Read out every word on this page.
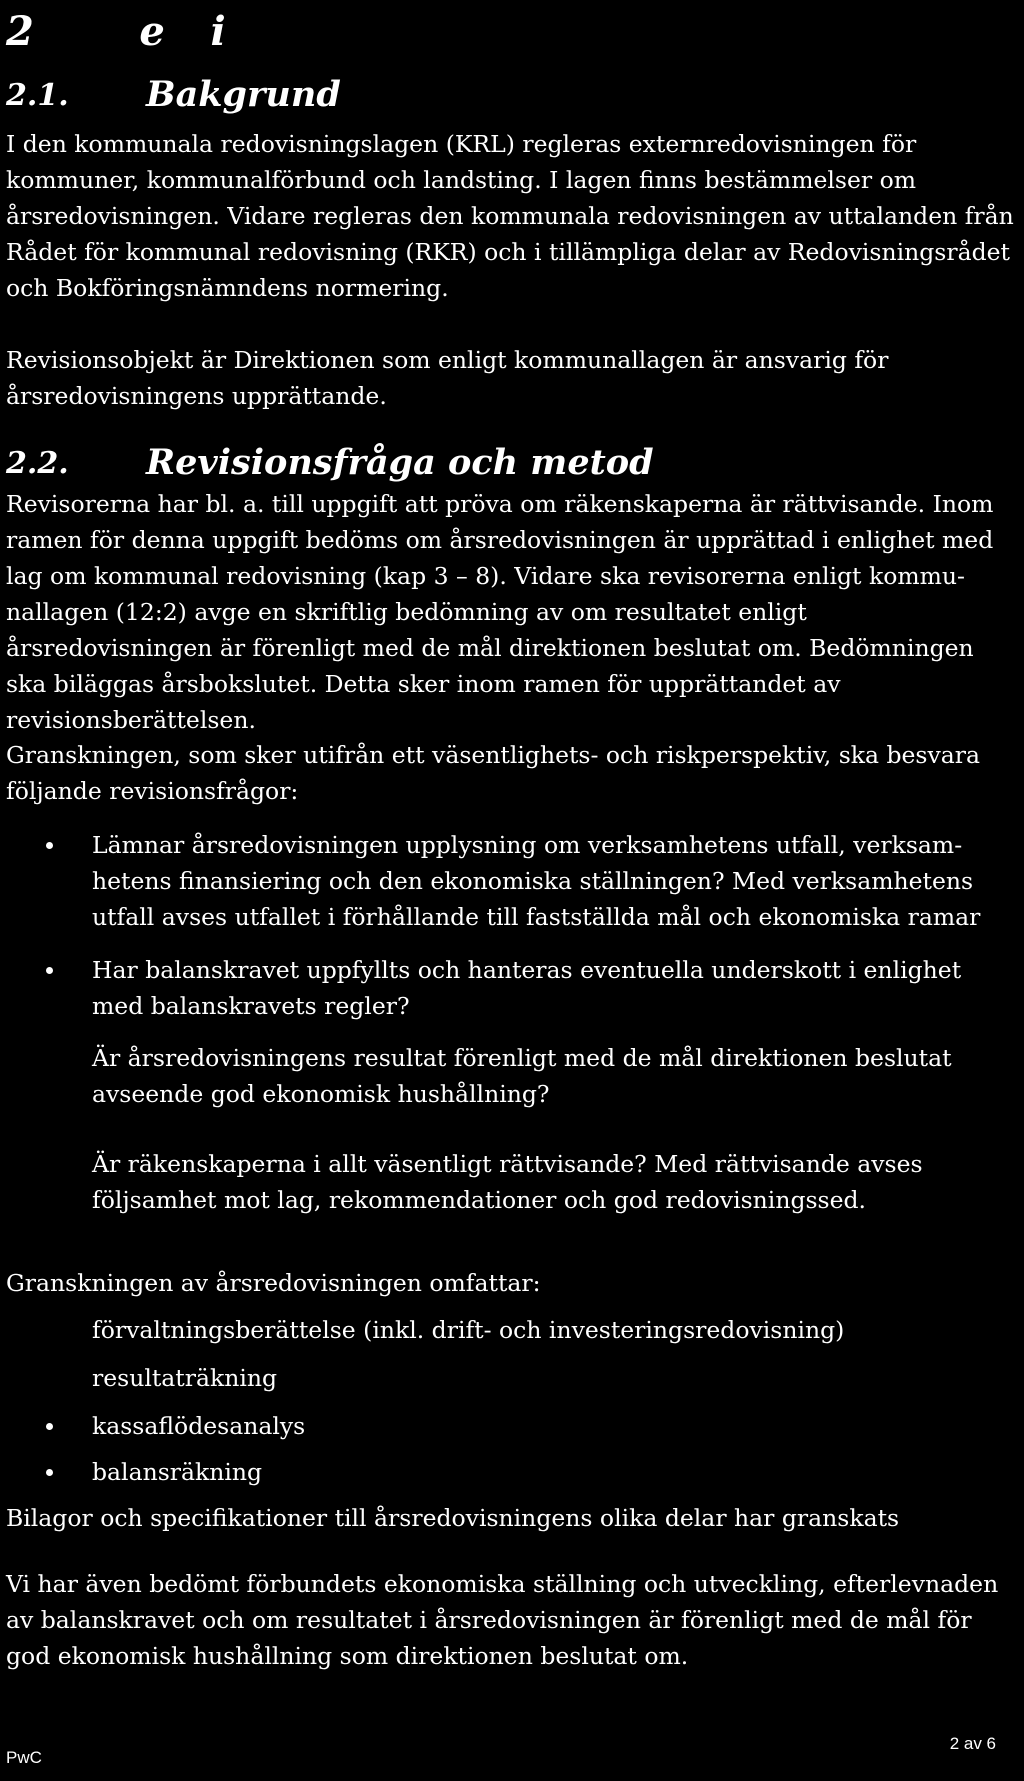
2       e   i
2.1. Bakgrund

I den kommunala redovisningslagen (KRL) regleras externredovisningen för kommuner, kommunalförbund och landsting. I lagen finns bestämmelser om årsredovisningen. Vidare regleras den kommunala redovisningen av uttalanden från Rådet för kommunal redovisning (RKR) och i tillämpliga delar av Redovisningsrådet och Bokföringsnämndens normering.

Revisionsobjekt är Direktionen som enligt kommunallagen är ansvarig för årsredovisningens upprättande.

2.2. Revisionsfråga och metod

Revisorerna har bl. a. till uppgift att pröva om räkenskaperna är rättvisande. Inom ramen för denna uppgift bedöms om årsredovisningen är upprättad i enlighet med lag om kommunal redovisning (kap 3 – 8). Vidare ska revisorerna enligt kommu-nallagen (12:2) avge en skriftlig bedömning av om resultatet enligt årsredovisningen är förenligt med de mål direktionen beslutat om. Bedömningen ska biläggas årsbokslutet. Detta sker inom ramen för upprättandet av revisionsberättelsen.

Granskningen, som sker utifrån ett väsentlighets- och riskperspektiv, ska besvara följande revisionsfrågor:

Lämnar årsredovisningen upplysning om verksamhetens utfall, verksam-hetens finansiering och den ekonomiska ställningen? Med verksamhetens utfall avses utfallet i förhållande till fastställda mål och ekonomiska ramar

Har balanskravet uppfyllts och hanteras eventuella underskott i enlighet med balanskravets regler?

Är årsredovisningens resultat förenligt med de mål direktionen beslutat avseende god ekonomisk hushållning?

Är räkenskaperna i allt väsentligt rättvisande? Med rättvisande avses följsamhet mot lag, rekommendationer och god redovisningssed.

Granskningen av årsredovisningen omfattar:

förvaltningsberättelse (inkl. drift- och investeringsredovisning)

resultaträkning

kassaflödesanalys

balansräkning

Bilagor och specifikationer till årsredovisningens olika delar har granskats

Vi har även bedömt förbundets ekonomiska ställning och utveckling, efterlevnaden av balanskravet och om resultatet i årsredovisningen är förenligt med de mål för god ekonomisk hushållning som direktionen beslutat om.

PwC
2 av 6
